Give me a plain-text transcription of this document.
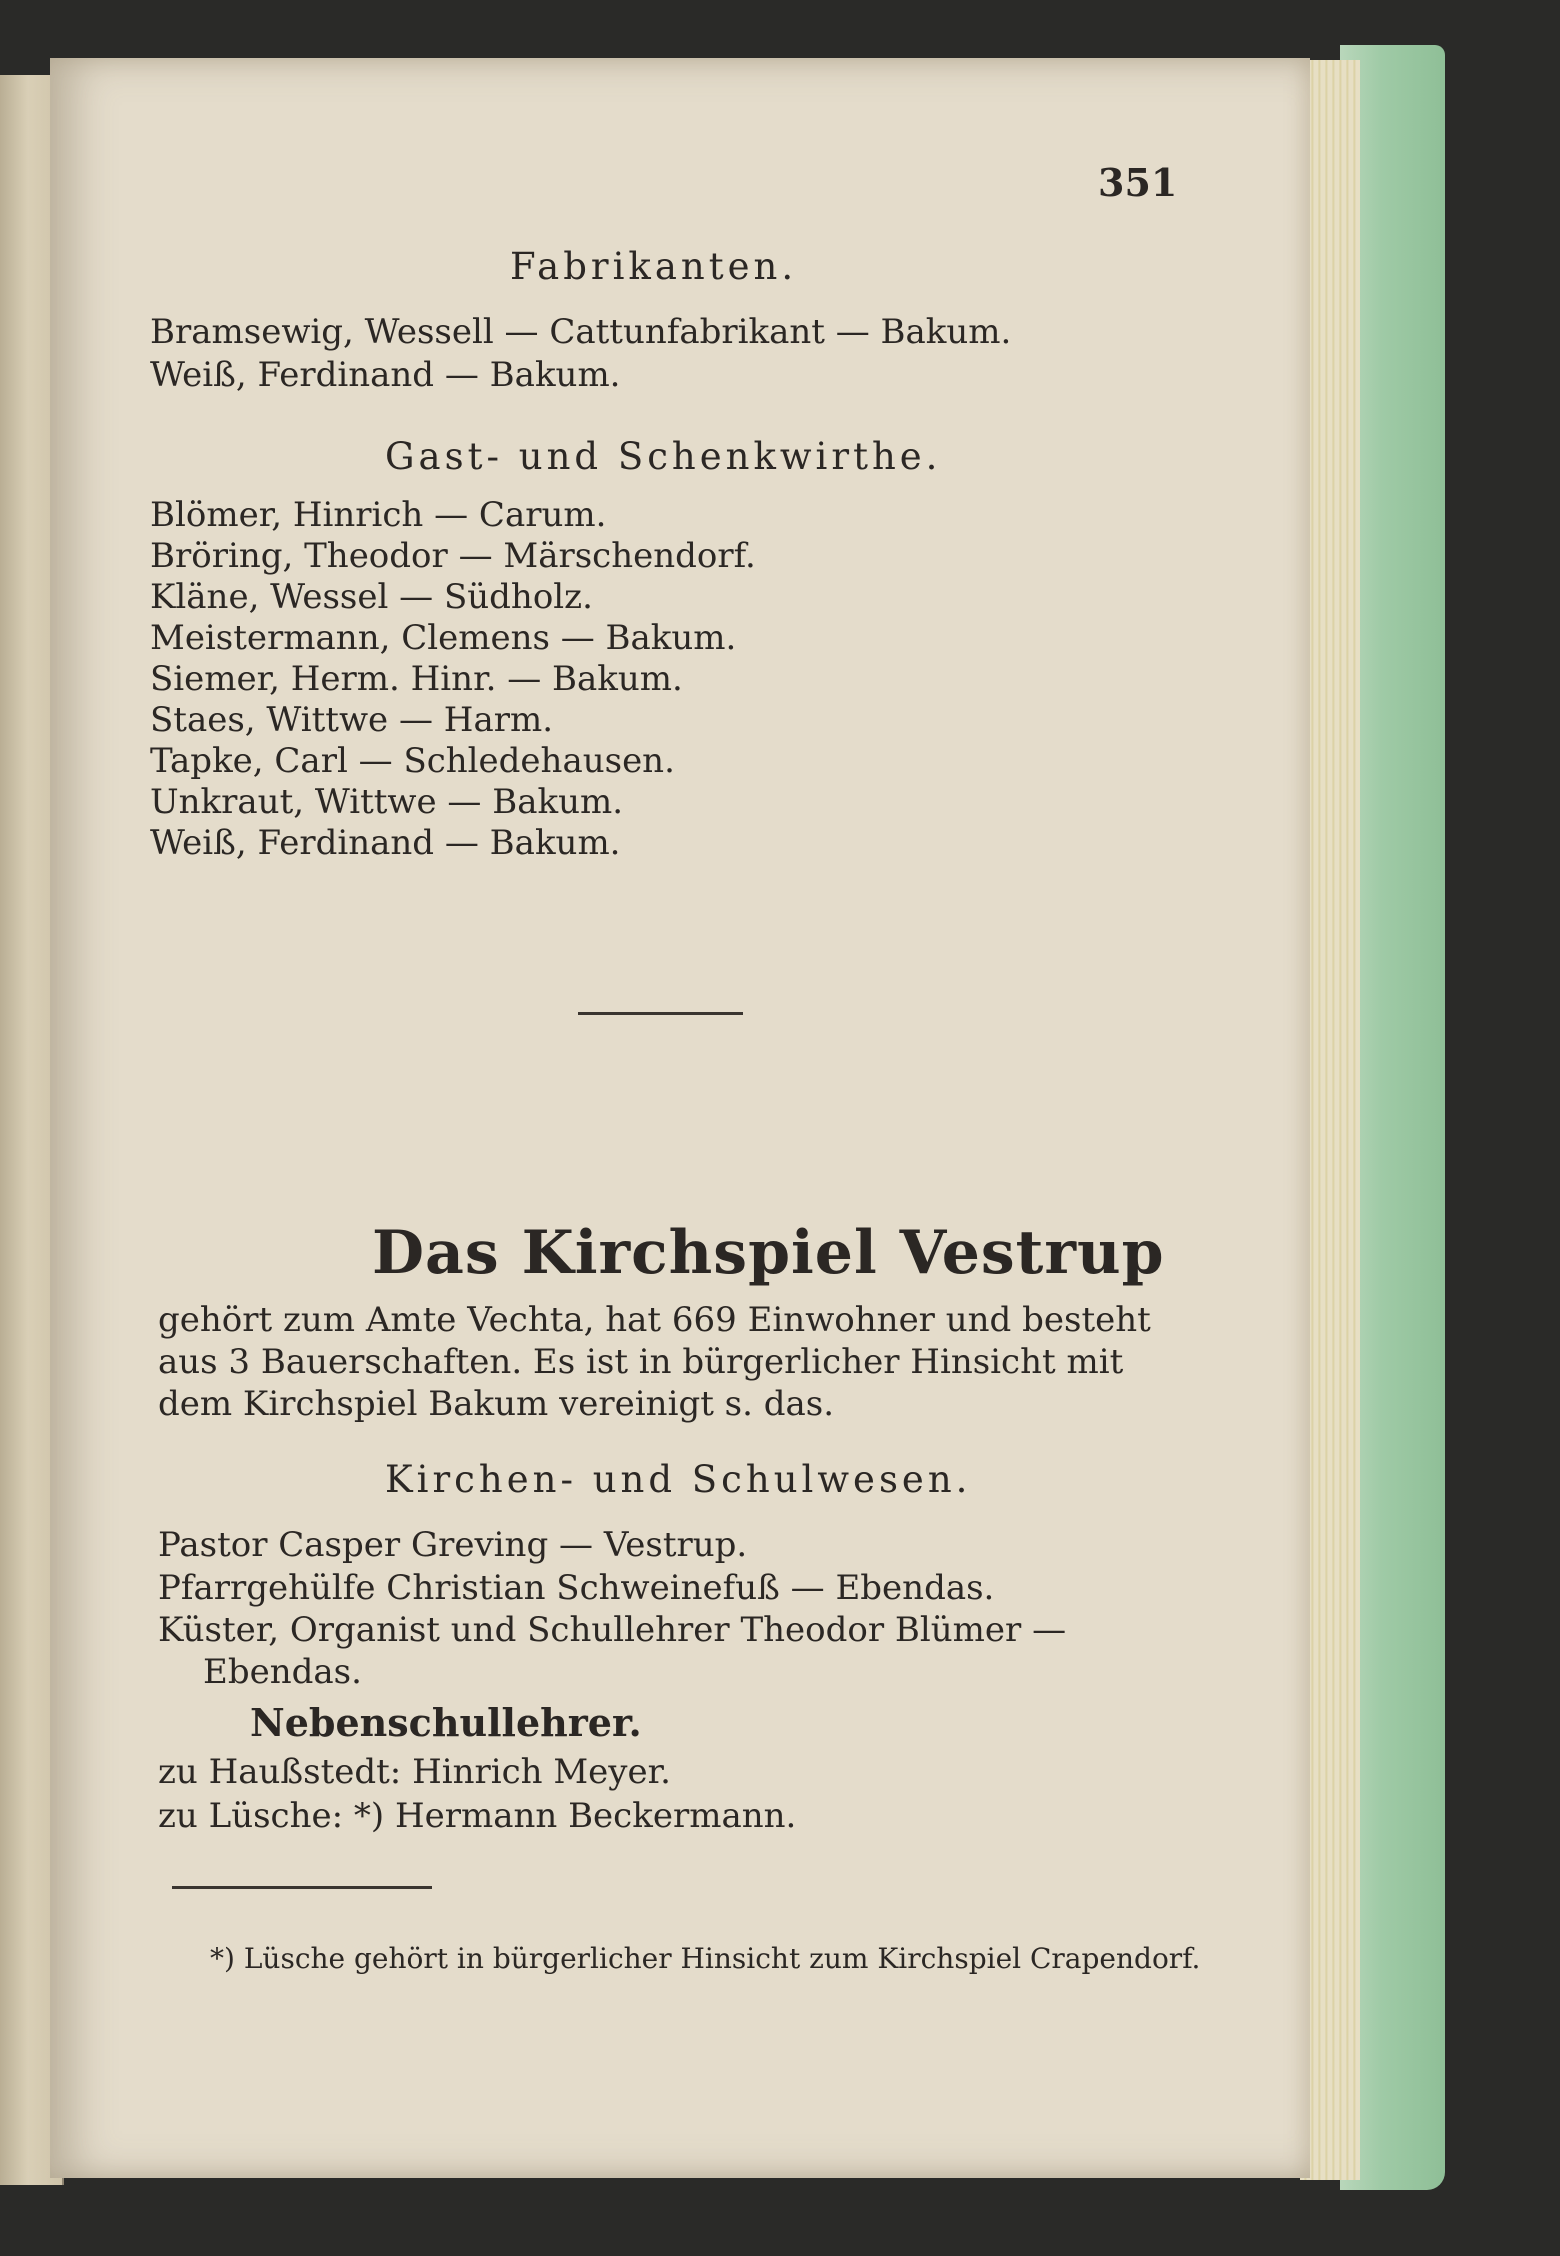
351
Fabrikanten.
Bramsewig, Wessell — Cattunfabrikant — Bakum.
Weiß, Ferdinand — Bakum.
Gast- und Schenkwirthe.
Blömer, Hinrich — Carum.
Bröring, Theodor — Märschendorf.
Kläne, Wessel — Südholz.
Meistermann, Clemens — Bakum.
Siemer, Herm. Hinr. — Bakum.
Staes, Wittwe — Harm.
Tapke, Carl — Schledehausen.
Unkraut, Wittwe — Bakum.
Weiß, Ferdinand — Bakum.
Das Kirchspiel Vestrup
gehört zum Amte Vechta, hat 669 Einwohner und besteht
aus 3 Bauerschaften. Es ist in bürgerlicher Hinsicht mit
dem Kirchspiel Bakum vereinigt s. das.
Kirchen- und Schulwesen.
Pastor Casper Greving — Vestrup.
Pfarrgehülfe Christian Schweinefuß — Ebendas.
Küster, Organist und Schullehrer Theodor Blümer —
Ebendas.
Nebenschullehrer.
zu Haußstedt: Hinrich Meyer.
zu Lüsche: *) Hermann Beckermann.
*) Lüsche gehört in bürgerlicher Hinsicht zum Kirchspiel Crapendorf.
